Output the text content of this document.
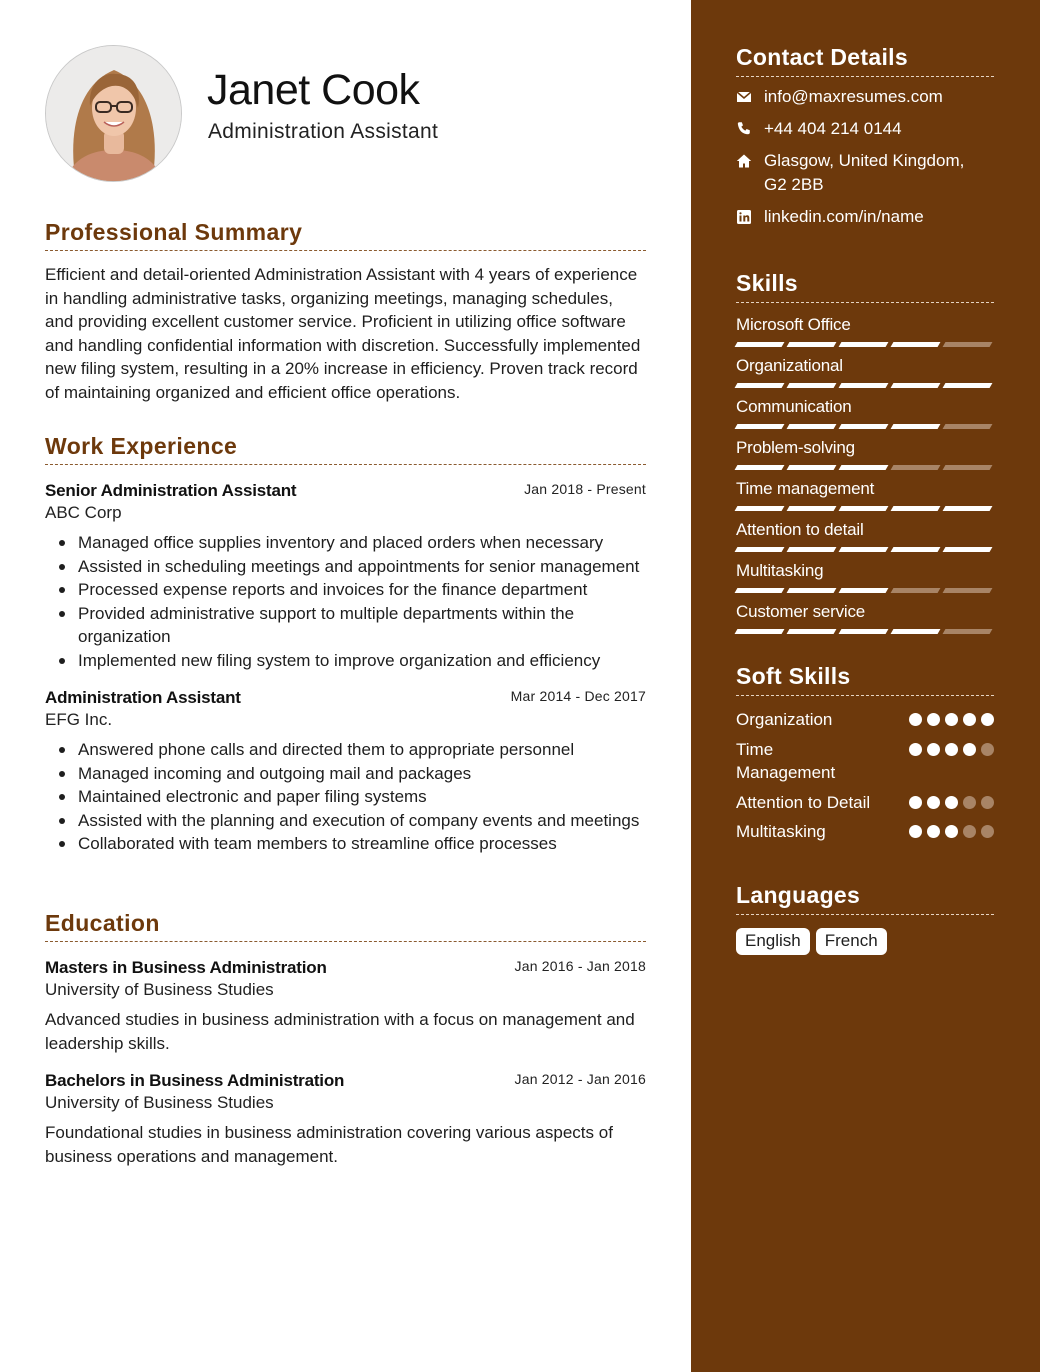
Janet Cook
Administration Assistant
Professional Summary

Efficient and detail-oriented Administration Assistant with 4 years of experience in handling administrative tasks, organizing meetings, managing schedules, and providing excellent customer service. Proficient in utilizing office software and handling confidential information with discretion. Successfully implemented new filing system, resulting in a 20% increase in efficiency. Proven track record of maintaining organized and efficient office operations.

Work Experience
Senior Administration Assistant	Jan 2018 - Present
ABC Corp
Managed office supplies inventory and placed orders when necessary
Assisted in scheduling meetings and appointments for senior management
Processed expense reports and invoices for the finance department
Provided administrative support to multiple departments within the organization
Implemented new filing system to improve organization and efficiency
Administration Assistant	Mar 2014 - Dec 2017
EFG Inc.
Answered phone calls and directed them to appropriate personnel
Managed incoming and outgoing mail and packages
Maintained electronic and paper filing systems
Assisted with the planning and execution of company events and meetings
Collaborated with team members to streamline office processes
Education
Masters in Business Administration	Jan 2016 - Jan 2018
University of Business Studies

Advanced studies in business administration with a focus on management and leadership skills.

Bachelors in Business Administration	Jan 2012 - Jan 2016
University of Business Studies

Foundational studies in business administration covering various aspects of business operations and management.

Contact Details
info@maxresumes.com
+44 404 214 0144
Glasgow, United Kingdom,
G2 2BB
linkedin.com/in/name
Skills
Microsoft Office
Organizational
Communication
Problem-solving
Time management
Attention to detail
Multitasking
Customer service
Soft Skills
Organization
Time Management
Attention to Detail
Multitasking
Languages
English	French
